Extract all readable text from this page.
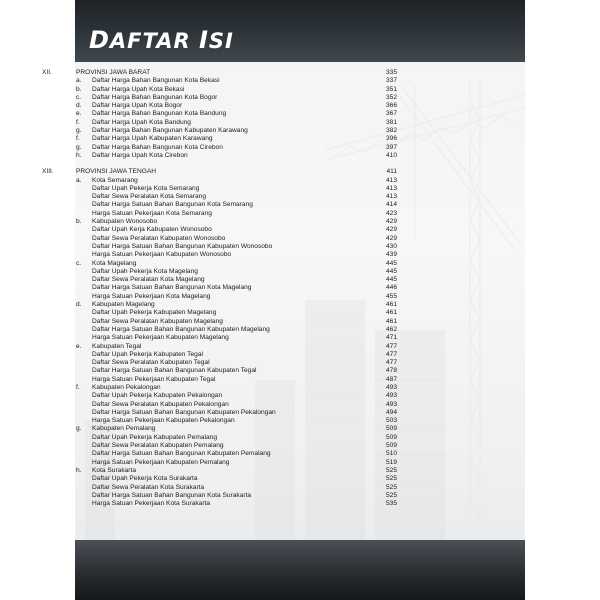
DAFTAR ISI
XII.	PROVINSI JAWA BARAT	335
a. Daftar Harga Bahan Bangunan Kota Bekasi	337
b. Daftar Harga Upah Kota Bekasi	351
c. Daftar Harga Bahan Bangunan Kota Bogor	352
d. Daftar Harga Upah Kota Bogor	366
e. Daftar Harga Bahan Bangunan Kota Bandung	367
f. Daftar Harga Upah Kota Bandung	381
g. Daftar Harga Bahan Bangunan Kabupaten Karawang	382
f. Daftar Harga Upah Kabupaten Karawang	396
g. Daftar Harga Bahan Bangunan Kota Cirebon	397
h. Daftar Harga Upah Kota Cirebon	410
XIII.	PROVINSI JAWA TENGAH	411
a. Kota Semarang	413
Daftar Upah Pekerja Kota Semarang	413
Daftar Sewa Peralatan Kota Semarang	413
Daftar Harga Satuan Bahan Bangunan Kota Semarang	414
Harga Satuan Pekerjaan Kota Semarang	423
b. Kabupaten Wonosobo	429
Daftar Upah Kerja Kabupaten Wonosobo	429
Daftar Sewa Peralatan Kabupaten Wonosobo	429
Daftar Harga Satuan Bahan Bangunan Kabupaten Wonosobo	430
Harga Satuan Pekerjaan Kabupaten Wonosobo	439
c. Kota Magelang	445
Daftar Upah Pekerja Kota Magelang	445
Daftar Sewa Peralatan Kota Magelang	445
Daftar Harga Satuan Bahan Bangunan Kota Magelang	446
Harga Satuan Pekerjaan Kota Magelang	455
d. Kabupaten Magelang	461
Daftar Upah Pekerja Kabupaten Magelang	461
Daftar Sewa Peralatan Kabupaten Magelang	461
Daftar Harga Satuan Bahan Bangunan Kabupaten Magelang	462
Harga Satuan Pekerjaan Kabupaten Magelang	471
e. Kabupaten Tegal	477
Daftar Upah Pekerja Kabupaten Tegal	477
Daftar Sewa Peralatan Kabupaten Tegal	477
Daftar Harga Satuan Bahan Bangunan Kabupaten Tegal	478
Harga Satuan Pekerjaan Kabupaten Tegal	487
f. Kabupaten Pekalongan	493
Daftar Upah Pekerja Kabupaten Pekalongan	493
Daftar Sewa Peralatan Kabupaten Pekalongan	493
Daftar Harga Satuan Bahan Bangunan Kabupaten Pekalongan	494
Harga Satuan Pekerjaan Kabupaten Pekalongan	503
g. Kabupaten Pemalang	509
Daftar Upah Pekerja Kabupaten Pemalang	509
Daftar Sewa Peralatan Kabupaten Pemalang	509
Daftar Harga Satuan Bahan Bangunan Kabupaten Pemalang	510
Harga Satuan Pekerjaan Kabupaten Pemalang	519
h. Kota Surakarta	525
Daftar Upah Pekerja Kota Surakarta	525
Daftar Sewa Peralatan Kota Surakarta	525
Daftar Harga Satuan Bahan Bangunan Kota Surakarta	525
Harga Satuan Pekerjaan Kota Surakarta	535
